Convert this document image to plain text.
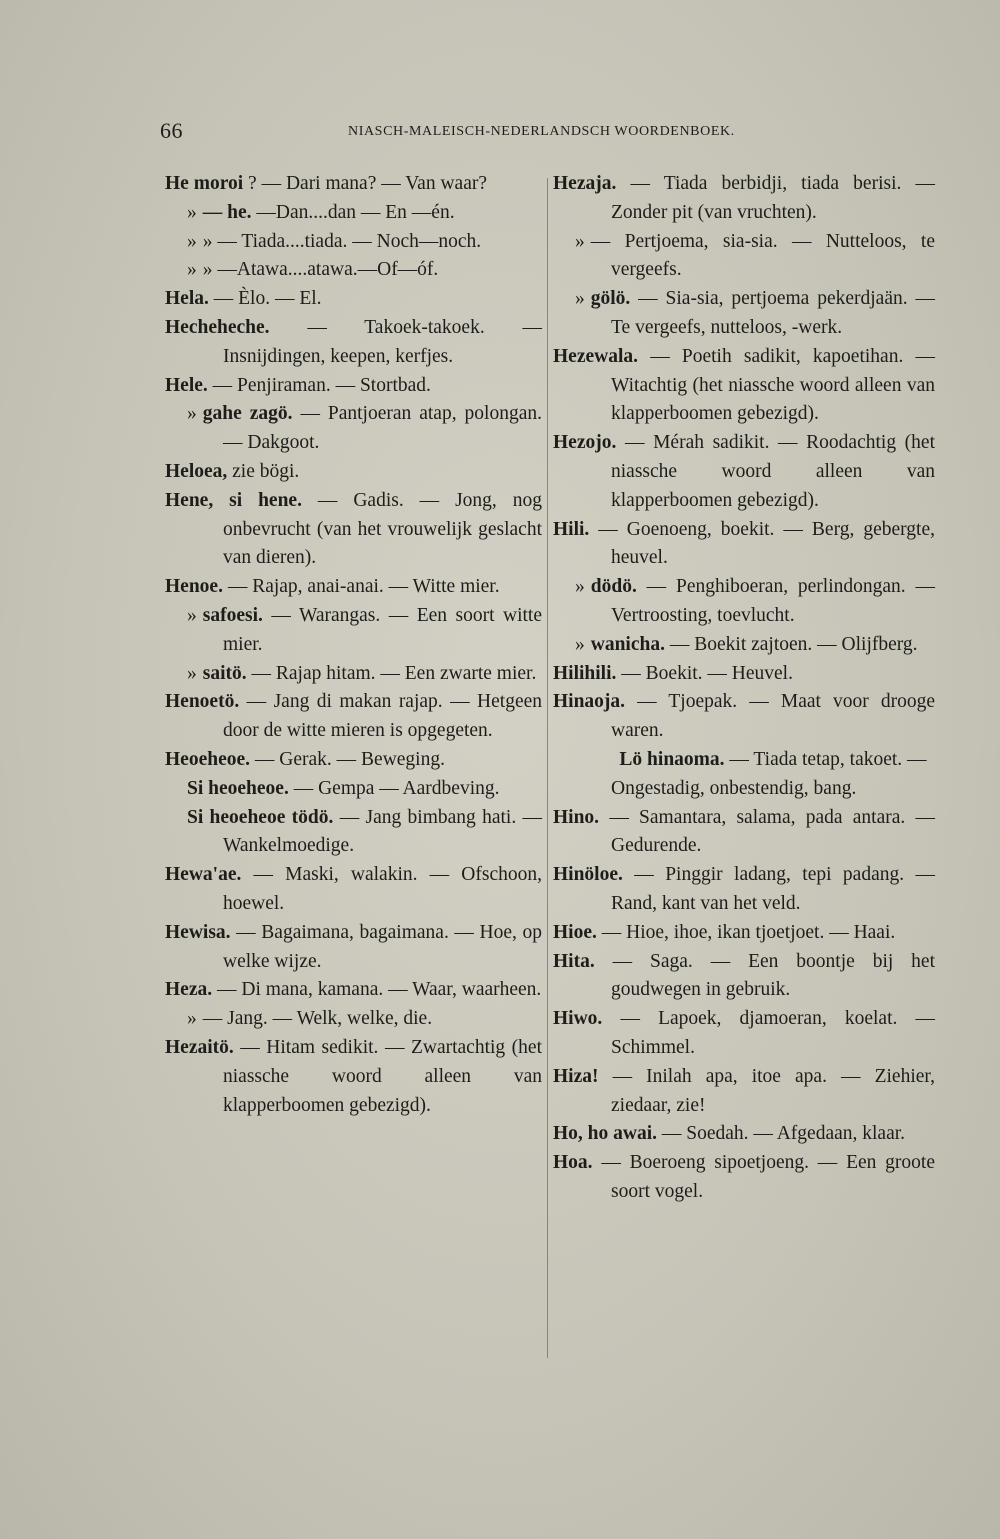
66	NIASCH-MALEISCH-NEDERLANDSCH WOORDENBOEK.

He moroi ? — Dari mana? — Van waar?

» — he. —Dan....dan — En —én.

» » — Tiada....tiada. — Noch—noch.

» » —Atawa....atawa.—Of—óf.

Hela. — Èlo. — El.

Hecheheche. — Takoek-takoek. — Insnijdingen, keepen, kerfjes.

Hele. — Penjiraman. — Stortbad.

» gahe zagö. — Pantjoeran atap, polongan. — Dakgoot.

Heloea, zie bögi.

Hene, si hene. — Gadis. — Jong, nog onbevrucht (van het vrouwelijk geslacht van dieren).

Henoe. — Rajap, anai-anai. — Witte mier.

» safoesi. — Warangas. — Een soort witte mier.

» saitö. — Rajap hitam. — Een zwarte mier.

Henoetö. — Jang di makan rajap. — Hetgeen door de witte mieren is opgegeten.

Heoeheoe. — Gerak. — Beweging.

Si heoeheoe. — Gempa — Aardbeving.

Si heoeheoe tödö. — Jang bimbang hati. — Wankelmoedige.

Hewa'ae. — Maski, walakin. — Ofschoon, hoewel.

Hewisa. — Bagaimana, bagaimana. — Hoe, op welke wijze.

Heza. — Di mana, kamana. — Waar, waarheen.

» — Jang. — Welk, welke, die.

Hezaitö. — Hitam sedikit. — Zwartachtig (het niassche woord alleen van klapperboomen gebezigd).

Hezaja. — Tiada berbidji, tiada berisi. — Zonder pit (van vruchten).

» — Pertjoema, sia-sia. — Nutteloos, te vergeefs.

» gölö. — Sia-sia, pertjoema pekerdjaän. — Te vergeefs, nutteloos, -werk.

Hezewala. — Poetih sadikit, kapoetihan. — Witachtig (het niassche woord alleen van klapperboomen gebezigd).

Hezojo. — Mérah sadikit. — Roodachtig (het niassche woord alleen van klapperboomen gebezigd).

Hili. — Goenoeng, boekit. — Berg, gebergte, heuvel.

» dödö. — Penghiboeran, perlindongan. — Vertroosting, toevlucht.

» wanicha. — Boekit zajtoen. — Olijfberg.

Hilihili. — Boekit. — Heuvel.

Hinaoja. — Tjoepak. — Maat voor drooge waren.

Lö hinaoma. — Tiada tetap, takoet. — Ongestadig, onbestendig, bang.

Hino. — Samantara, salama, pada antara. — Gedurende.

Hinöloe. — Pinggir ladang, tepi padang. — Rand, kant van het veld.

Hioe. — Hioe, ihoe, ikan tjoetjoet. — Haai.

Hita. — Saga. — Een boontje bij het goudwegen in gebruik.

Hiwo. — Lapoek, djamoeran, koelat. — Schimmel.

Hiza! — Inilah apa, itoe apa. — Ziehier, ziedaar, zie!

Ho, ho awai. — Soedah. — Afgedaan, klaar.

Hoa. — Boeroeng sipoetjoeng. — Een groote soort vogel.
